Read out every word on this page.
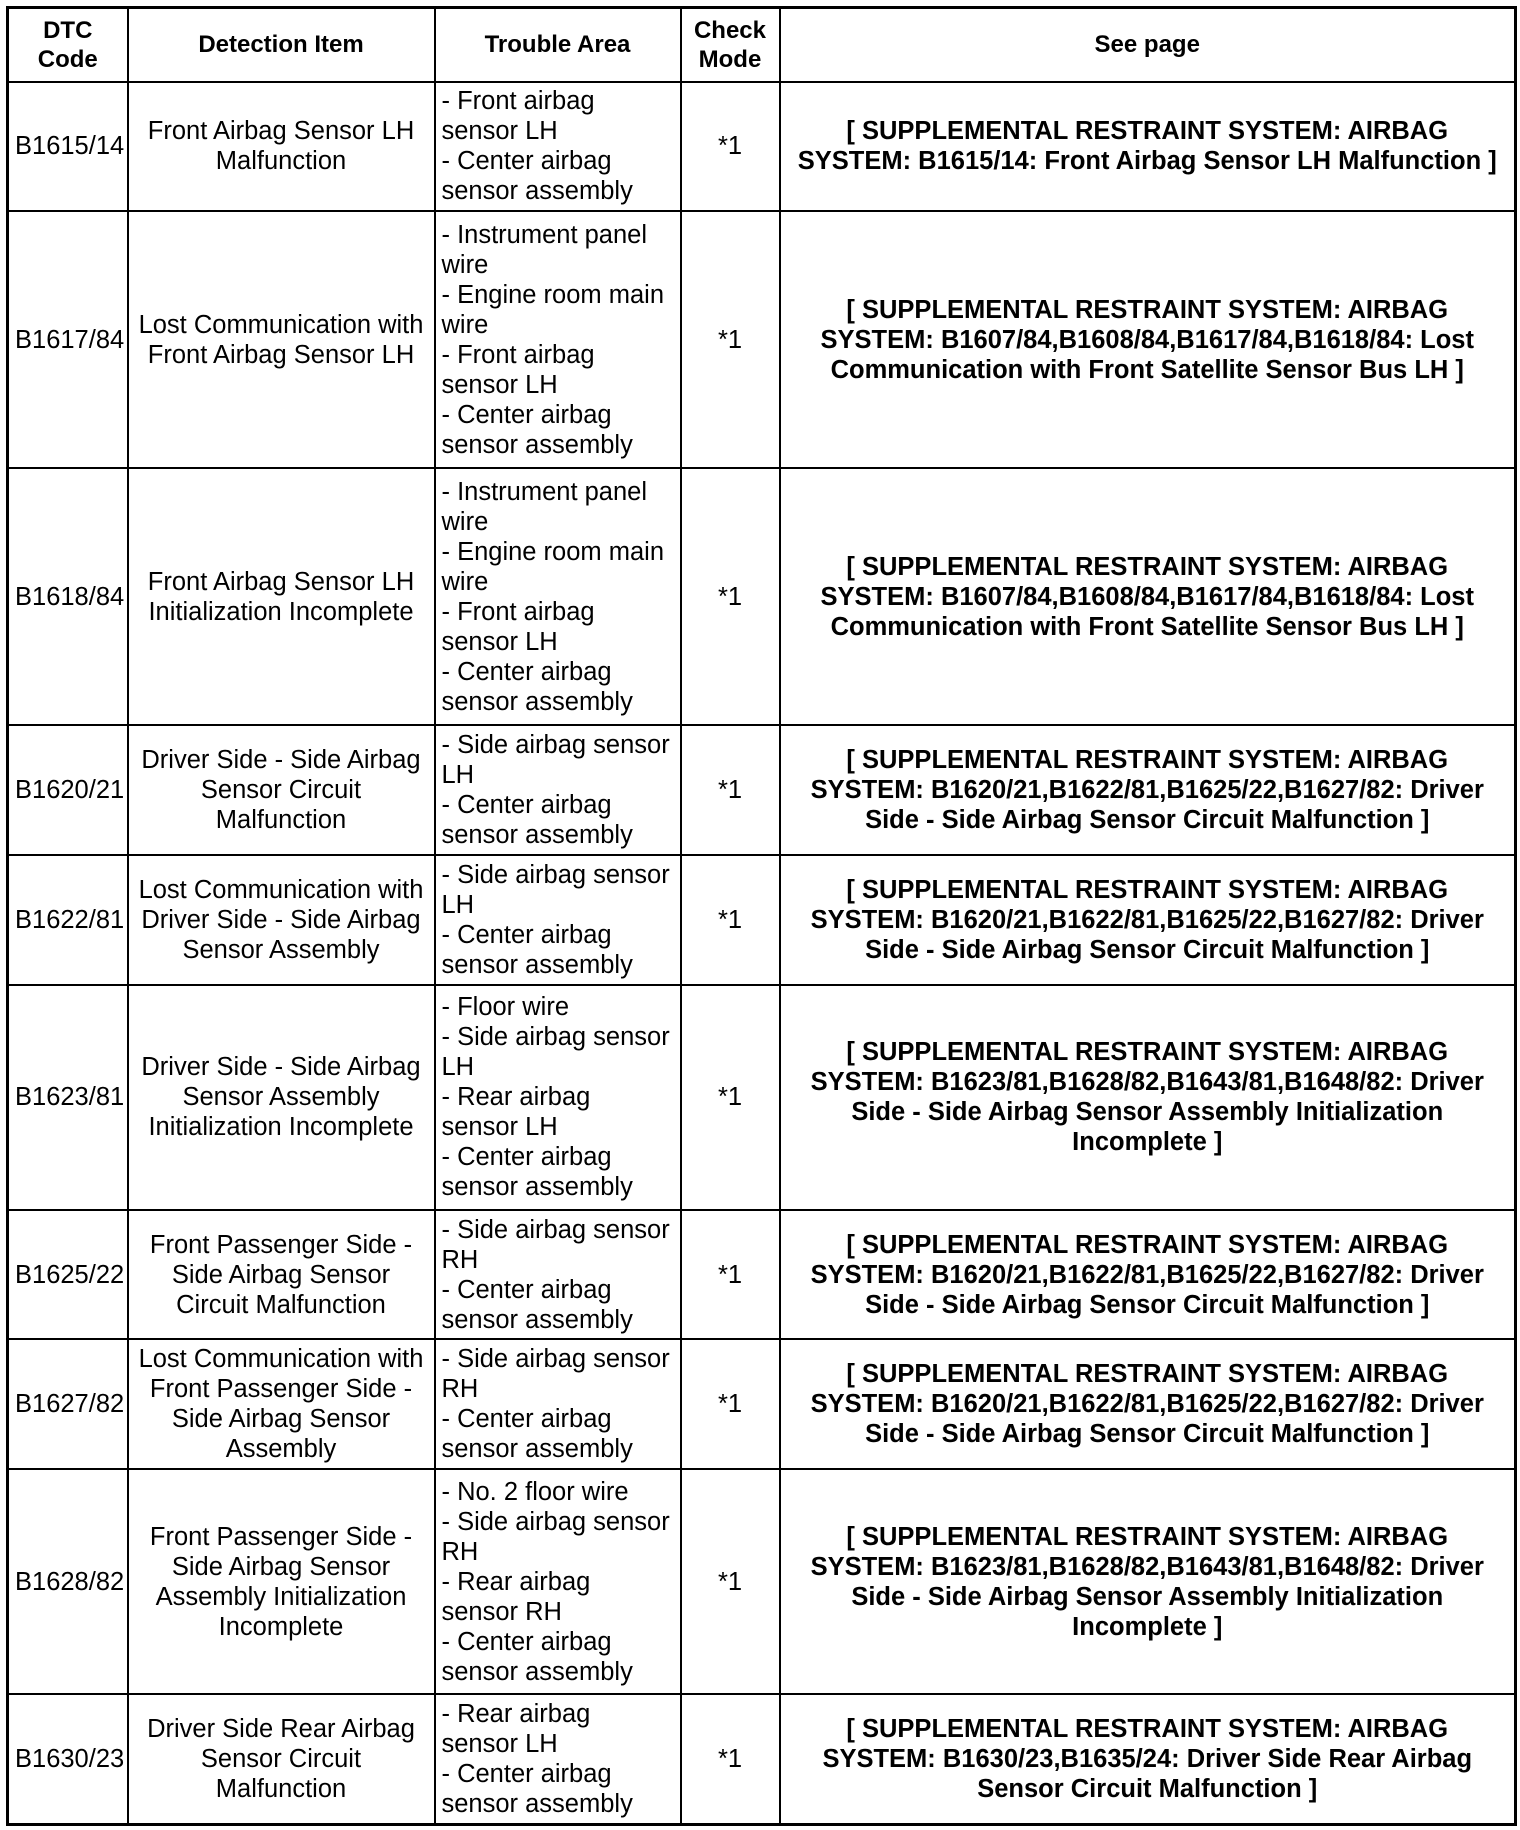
DTC Code	Detection Item	Trouble Area	Check Mode	See page
B1615/14	Front Airbag Sensor LH Malfunction	- Front airbag sensor LH
- Center airbag sensor assembly	*1	[ SUPPLEMENTAL RESTRAINT SYSTEM: AIRBAG SYSTEM: B1615/14: Front Airbag Sensor LH Malfunction ]

B1617/84	Lost Communication with Front Airbag Sensor LH	- Instrument panel wire
- Engine room main wire
- Front airbag sensor LH
- Center airbag sensor assembly	*1	[ SUPPLEMENTAL RESTRAINT SYSTEM: AIRBAG SYSTEM: B1607/84,B1608/84,B1617/84,B1618/84: Lost Communication with Front Satellite Sensor Bus LH ]

B1618/84	Front Airbag Sensor LH Initialization Incomplete	- Instrument panel wire
- Engine room main wire
- Front airbag sensor LH
- Center airbag sensor assembly	*1	[ SUPPLEMENTAL RESTRAINT SYSTEM: AIRBAG SYSTEM: B1607/84,B1608/84,B1617/84,B1618/84: Lost Communication with Front Satellite Sensor Bus LH ]

B1620/21	Driver Side - Side Airbag Sensor Circuit Malfunction	- Side airbag sensor LH
- Center airbag sensor assembly	*1	[ SUPPLEMENTAL RESTRAINT SYSTEM: AIRBAG SYSTEM: B1620/21,B1622/81,B1625/22,B1627/82: Driver Side - Side Airbag Sensor Circuit Malfunction ]

B1622/81	Lost Communication with Driver Side - Side Airbag Sensor Assembly	- Side airbag sensor LH
- Center airbag sensor assembly	*1	[ SUPPLEMENTAL RESTRAINT SYSTEM: AIRBAG SYSTEM: B1620/21,B1622/81,B1625/22,B1627/82: Driver Side - Side Airbag Sensor Circuit Malfunction ]

B1623/81	Driver Side - Side Airbag Sensor Assembly Initialization Incomplete	- Floor wire
- Side airbag sensor LH
- Rear airbag sensor LH
- Center airbag sensor assembly	*1	[ SUPPLEMENTAL RESTRAINT SYSTEM: AIRBAG SYSTEM: B1623/81,B1628/82,B1643/81,B1648/82: Driver Side - Side Airbag Sensor Assembly Initialization Incomplete ]

B1625/22	Front Passenger Side - Side Airbag Sensor Circuit Malfunction	- Side airbag sensor RH
- Center airbag sensor assembly	*1	[ SUPPLEMENTAL RESTRAINT SYSTEM: AIRBAG SYSTEM: B1620/21,B1622/81,B1625/22,B1627/82: Driver Side - Side Airbag Sensor Circuit Malfunction ]

B1627/82	Lost Communication with Front Passenger Side - Side Airbag Sensor Assembly	- Side airbag sensor RH
- Center airbag sensor assembly	*1	[ SUPPLEMENTAL RESTRAINT SYSTEM: AIRBAG SYSTEM: B1620/21,B1622/81,B1625/22,B1627/82: Driver Side - Side Airbag Sensor Circuit Malfunction ]

B1628/82	Front Passenger Side - Side Airbag Sensor Assembly Initialization Incomplete	- No. 2 floor wire
- Side airbag sensor RH
- Rear airbag sensor RH
- Center airbag sensor assembly	*1	[ SUPPLEMENTAL RESTRAINT SYSTEM: AIRBAG SYSTEM: B1623/81,B1628/82,B1643/81,B1648/82: Driver Side - Side Airbag Sensor Assembly Initialization Incomplete ]

B1630/23	Driver Side Rear Airbag Sensor Circuit Malfunction	- Rear airbag sensor LH
- Center airbag sensor assembly	*1	[ SUPPLEMENTAL RESTRAINT SYSTEM: AIRBAG SYSTEM: B1630/23,B1635/24: Driver Side Rear Airbag Sensor Circuit Malfunction ]
